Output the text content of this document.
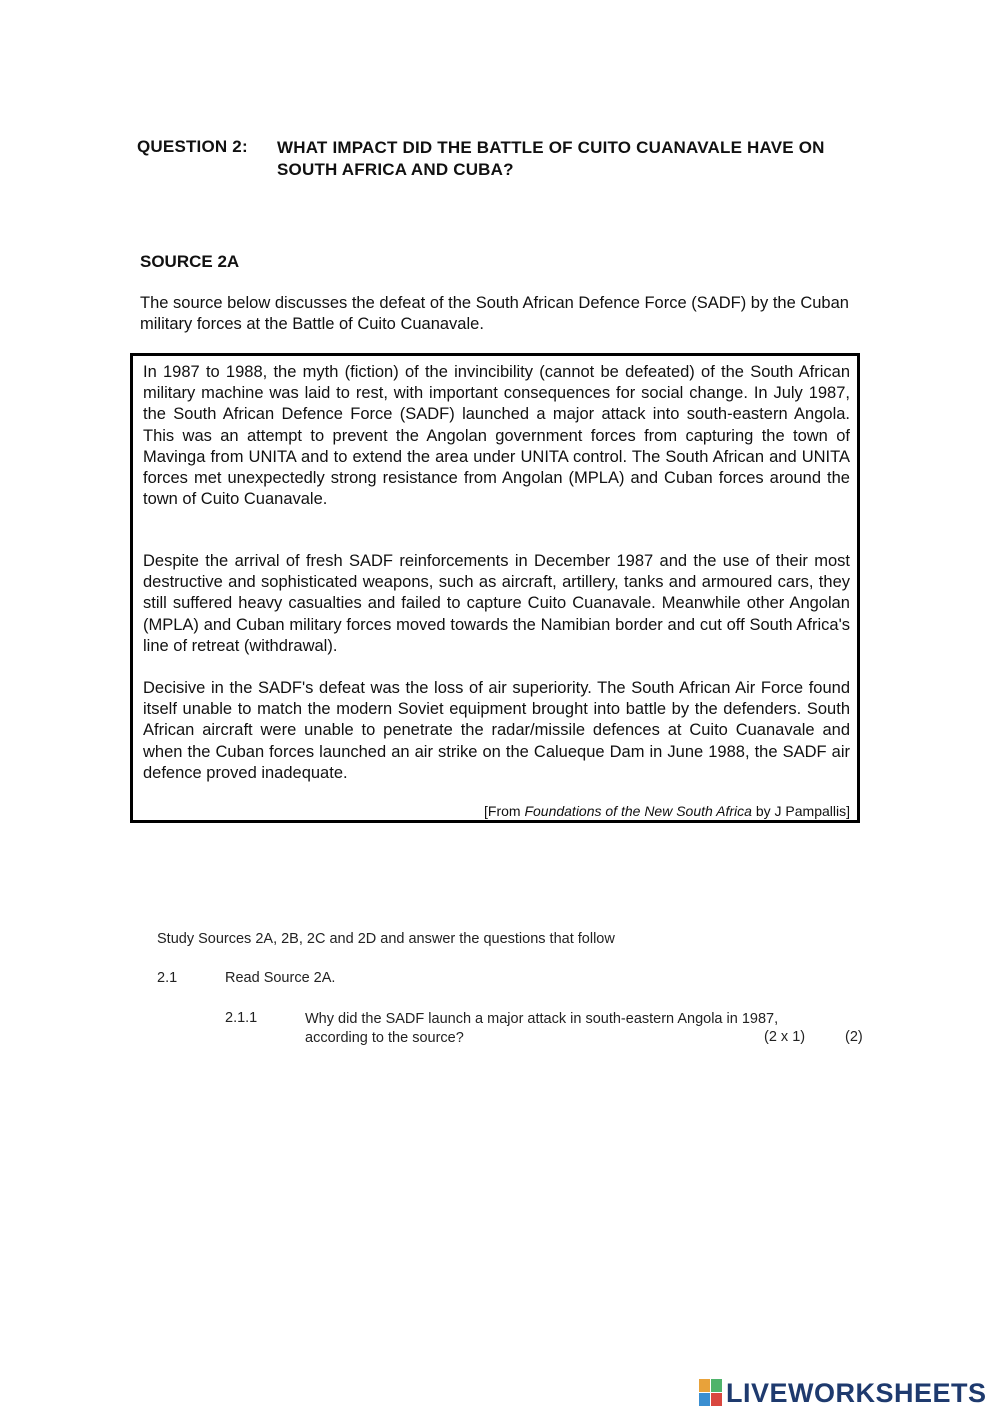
QUESTION 2: WHAT IMPACT DID THE BATTLE OF CUITO CUANAVALE HAVE ON SOUTH AFRICA AND CUBA?
SOURCE 2A
The source below discusses the defeat of the South African Defence Force (SADF) by the Cuban military forces at the Battle of Cuito Cuanavale.

In 1987 to 1988, the myth (fiction) of the invincibility (cannot be defeated) of the South African military machine was laid to rest, with important consequences for social change. In July 1987, the South African Defence Force (SADF) launched a major attack into south-eastern Angola. This was an attempt to prevent the Angolan government forces from capturing the town of Mavinga from UNITA and to extend the area under UNITA control. The South African and UNITA forces met unexpectedly strong resistance from Angolan (MPLA) and Cuban forces around the town of Cuito Cuanavale.

Despite the arrival of fresh SADF reinforcements in December 1987 and the use of their most destructive and sophisticated weapons, such as aircraft, artillery, tanks and armoured cars, they still suffered heavy casualties and failed to capture Cuito Cuanavale. Meanwhile other Angolan (MPLA) and Cuban military forces moved towards the Namibian border and cut off South Africa's line of retreat (withdrawal).

Decisive in the SADF's defeat was the loss of air superiority. The South African Air Force found itself unable to match the modern Soviet equipment brought into battle by the defenders. South African aircraft were unable to penetrate the radar/missile defences at Cuito Cuanavale and when the Cuban forces launched an air strike on the Calueque Dam in June 1988, the SADF air defence proved inadequate.

[From Foundations of the New South Africa by J Pampallis]
Study Sources 2A, 2B, 2C and 2D and answer the questions that follow
2.1	Read Source 2A.
2.1.1	Why did the SADF launch a major attack in south-eastern Angola in 1987, according to the source?	(2 x 1)	(2)
LIVEWORKSHEETS
